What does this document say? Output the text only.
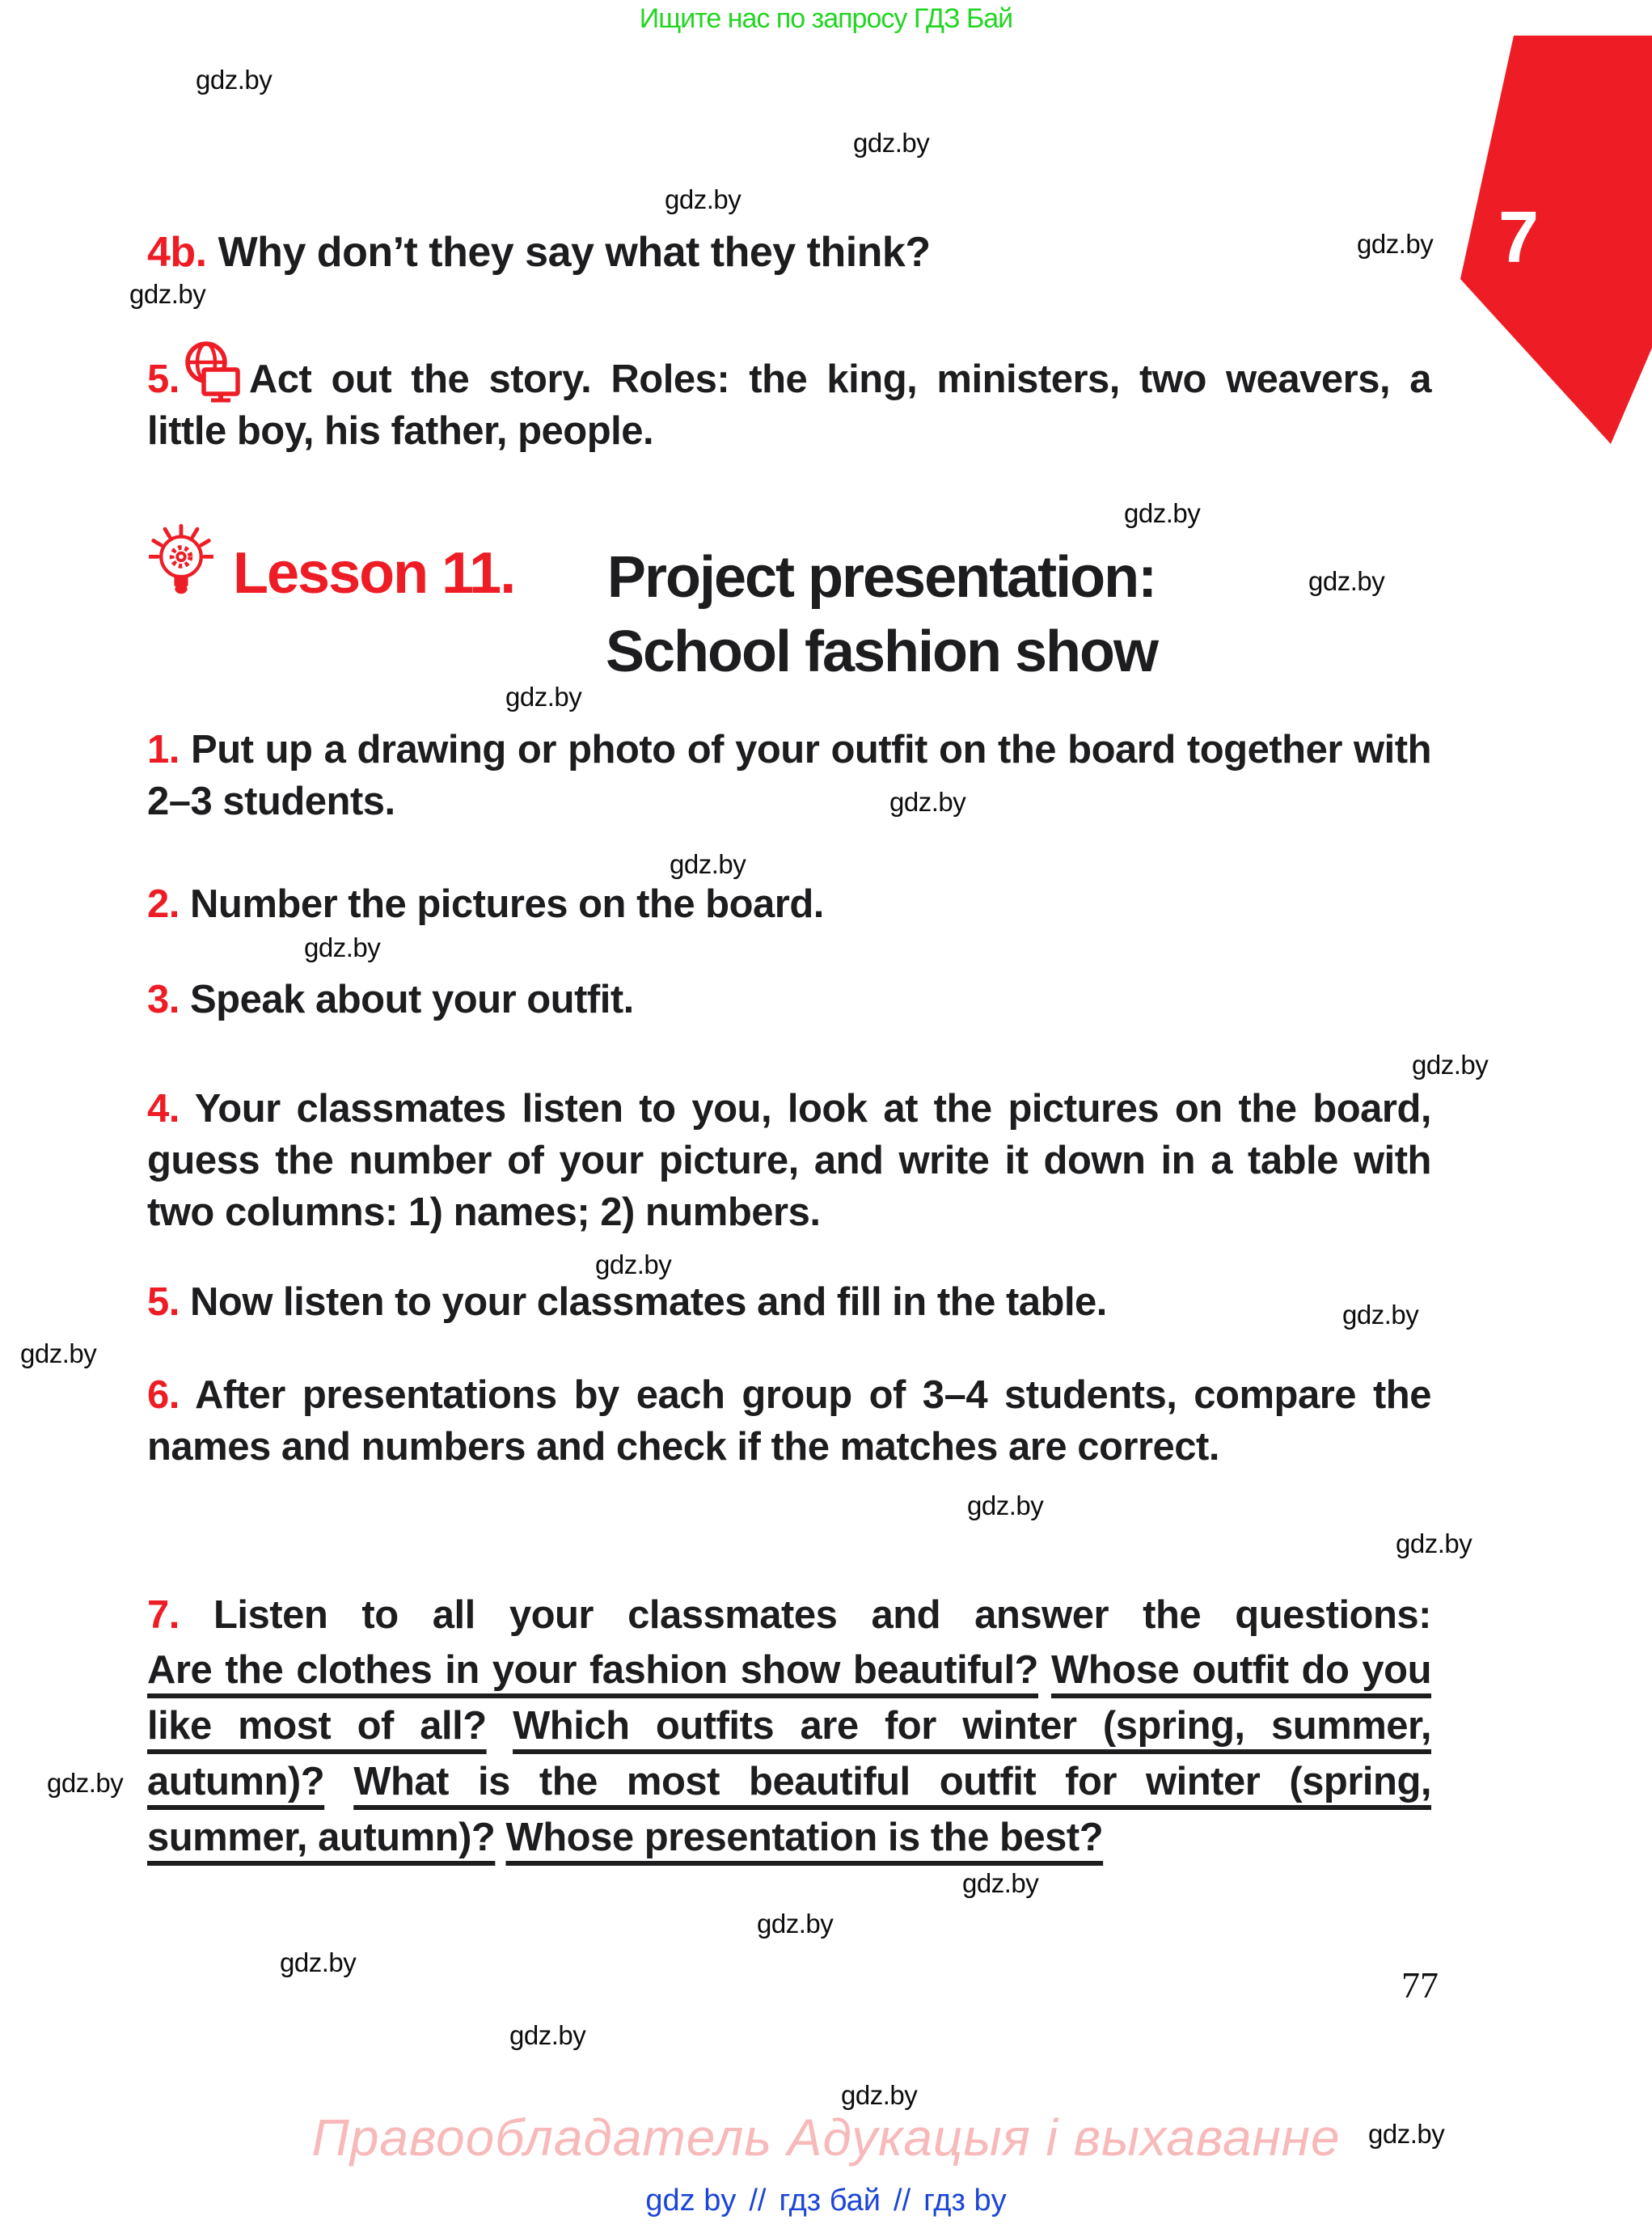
Ищите нас по запросу ГДЗ Бай
gdz.by
gdz.by
gdz.by
gdz.by
gdz.by
gdz.by
gdz.by
gdz.by
gdz.by
gdz.by
gdz.by
gdz.by
gdz.by
gdz.by
gdz.by
gdz.by
gdz.by
gdz.by
gdz.by
gdz.by
gdz.by
gdz.by
gdz.by
gdz.by
7
4b. Why don’t they say what they think?
5. Act out the story. Roles: the king, ministers, two weavers, a little boy, his father, people.
Lesson 11.	Project presentation:
School fashion show
1. Put up a drawing or photo of your outfit on the board together with 2–3 students.
2. Number the pictures on the board.
3. Speak about your outfit.
4. Your classmates listen to you, look at the pictures on the board, guess the number of your picture, and write it down in a table with two columns: 1) names; 2) numbers.
5. Now listen to your classmates and fill in the table.
6. After presentations by each group of 3–4 students, compare the names and numbers and check if the matches are correct.
7. Listen to all your classmates and answer the questions:
Are the clothes in your fashion show beautiful? Whose outfit do you like most of all? Which outfits are for winter (spring, summer, autumn)? What is the most beautiful outfit for winter (spring, summer, autumn)? Whose presentation is the best?
77
Правообладатель Адукацыя і выхаванне
gdz by // гдз бай // гдз by
